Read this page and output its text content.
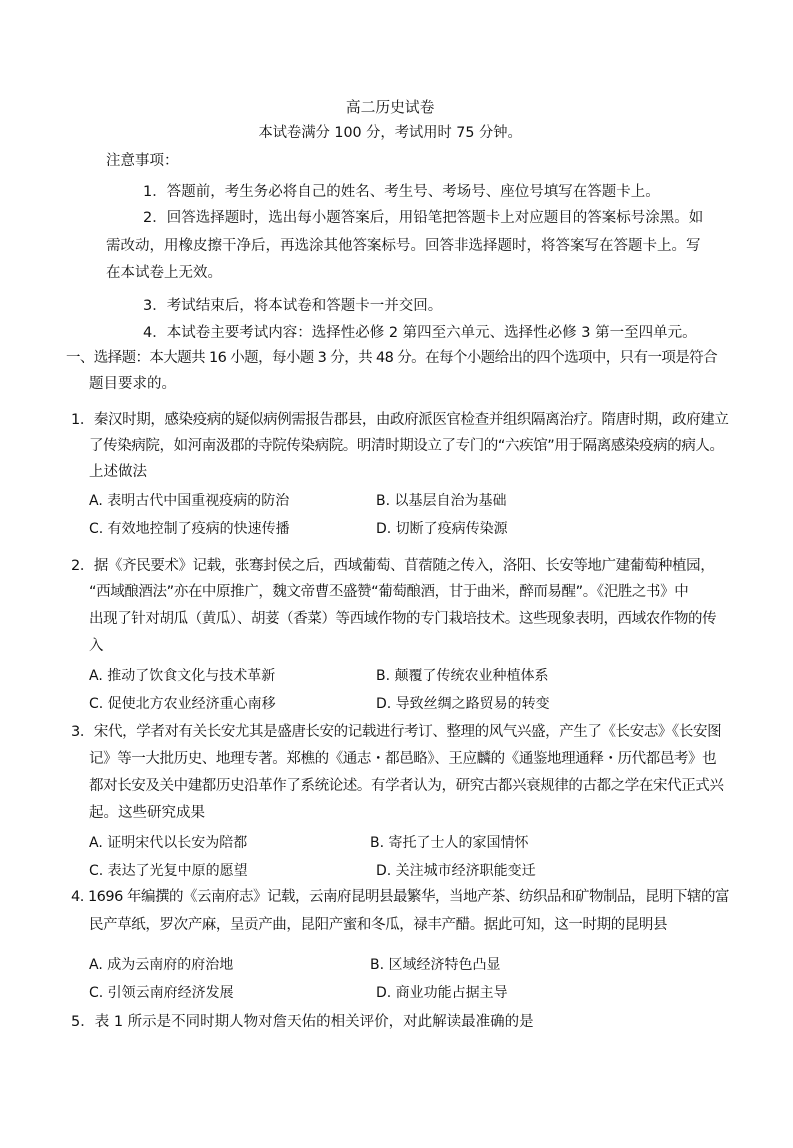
高二历史试卷
本试卷满分 100 分，考试用时 75 分钟。
注意事项：
1．答题前，考生务必将自己的姓名、考生号、考场号、座位号填写在答题卡上。
2．回答选择题时，选出每小题答案后，用铅笔把答题卡上对应题目的答案标号涂黑。如
需改动，用橡皮擦干净后，再选涂其他答案标号。回答非选择题时，将答案写在答题卡上。写
在本试卷上无效。
3．考试结束后，将本试卷和答题卡一并交回。
4．本试卷主要考试内容：选择性必修 2 第四至六单元、选择性必修 3 第一至四单元。
一、选择题：本大题共 16 小题，每小题 3 分，共 48 分。在每个小题给出的四个选项中，只有一项是符合
题目要求的。
1．秦汉时期，感染疫病的疑似病例需报告郡县，由政府派医官检查并组织隔离治疗。隋唐时期，政府建立
了传染病院，如河南汲郡的寺院传染病院。明清时期设立了专门的“六疾馆”用于隔离感染疫病的病人。
上述做法
A. 表明古代中国重视疫病的防治	B. 以基层自治为基础
C. 有效地控制了疫病的快速传播	D. 切断了疫病传染源
2．据《齐民要术》记载，张骞封侯之后，西域葡萄、苜蓿随之传入，洛阳、长安等地广建葡萄种植园，
“西域酿酒法”亦在中原推广，魏文帝曹丕盛赞“葡萄酿酒，甘于曲米，醉而易醒”。《汜胜之书》中
出现了针对胡瓜（黄瓜）、胡荽（香菜）等西域作物的专门栽培技术。这些现象表明，西域农作物的传
入
A. 推动了饮食文化与技术革新	B. 颠覆了传统农业种植体系
C. 促使北方农业经济重心南移	D. 导致丝绸之路贸易的转变
3．宋代，学者对有关长安尤其是盛唐长安的记载进行考订、整理的风气兴盛，产生了《长安志》《长安图
记》等一大批历史、地理专著。郑樵的《通志・都邑略》、王应麟的《通鉴地理通释・历代都邑考》也
都对长安及关中建都历史沿革作了系统论述。有学者认为，研究古都兴衰规律的古都之学在宋代正式兴
起。这些研究成果
A. 证明宋代以长安为陪都	B. 寄托了士人的家国情怀
C. 表达了光复中原的愿望	D. 关注城市经济职能变迁
4. 1696 年编撰的《云南府志》记载，云南府昆明县最繁华，当地产茶、纺织品和矿物制品，昆明下辖的富
民产草纸，罗次产麻，呈贡产曲，昆阳产蜜和冬瓜，禄丰产醋。据此可知，这一时期的昆明县
A. 成为云南府的府治地	B. 区域经济特色凸显
C. 引领云南府经济发展	D. 商业功能占据主导
5．表 1 所示是不同时期人物对詹天佑的相关评价，对此解读最准确的是
